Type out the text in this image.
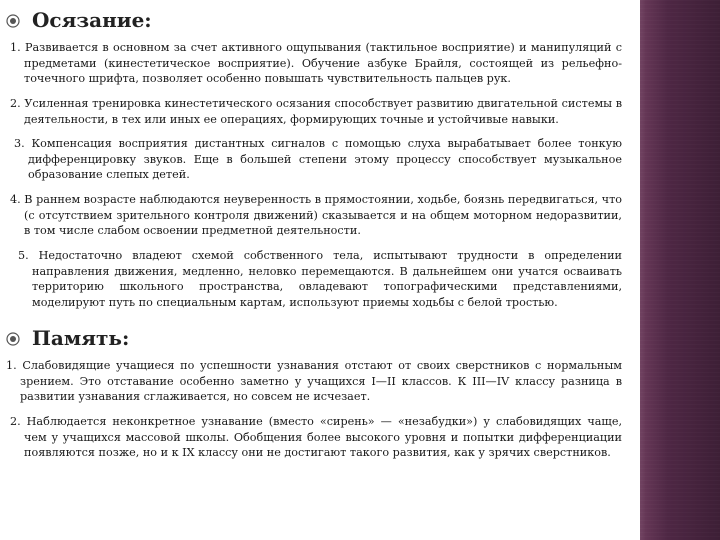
Осязание:
1. Развивается в основном за счет активного ощупывания (тактильное восприятие) и манипуляций с предметами (кинестетическое восприятие). Обучение азбуке Брайля, состоящей из рельефно-точечного шрифта, позволяет особенно повышать чувствительность пальцев рук.
2. Усиленная тренировка кинестетического осязания способствует развитию двигательной системы в деятельности, в тех или иных ее операциях, формирующих точные и устойчивые навыки.
3. Компенсация восприятия дистантных сигналов с помощью слуха вырабатывает более тонкую дифференцировку звуков. Еще в большей степени этому процессу способствует музыкальное образование слепых детей.
4. В раннем возрасте наблюдаются неуверенность в прямостоянии, ходьбе, боязнь передвигаться, что (с отсутствием зрительного контроля движений) сказывается и на общем моторном недоразвитии, в том числе слабом освоении предметной деятельности.
5. Недостаточно владеют схемой собственного тела, испытывают трудности в определении направления движения, медленно, неловко перемещаются. В дальнейшем они учатся осваивать территорию школьного пространства, овладевают топографическими представлениями, моделируют путь по специальным картам, используют приемы ходьбы с белой тростью.
Память:
1. Слабовидящие учащиеся по успешности узнавания отстают от своих сверстников с нормальным зрением. Это отставание особенно заметно у учащихся I—II классов. К III—IV классу разница в развитии узнавания сглаживается, но совсем не исчезает.
2. Наблюдается неконкретное узнавание (вместо «сирень» — «незабудки») у слабовидящих чаще, чем у учащихся массовой школы. Обобщения более высокого уровня и попытки дифференциации появляются позже, но и к IX классу они не достигают такого развития, как у зрячих сверстников.
